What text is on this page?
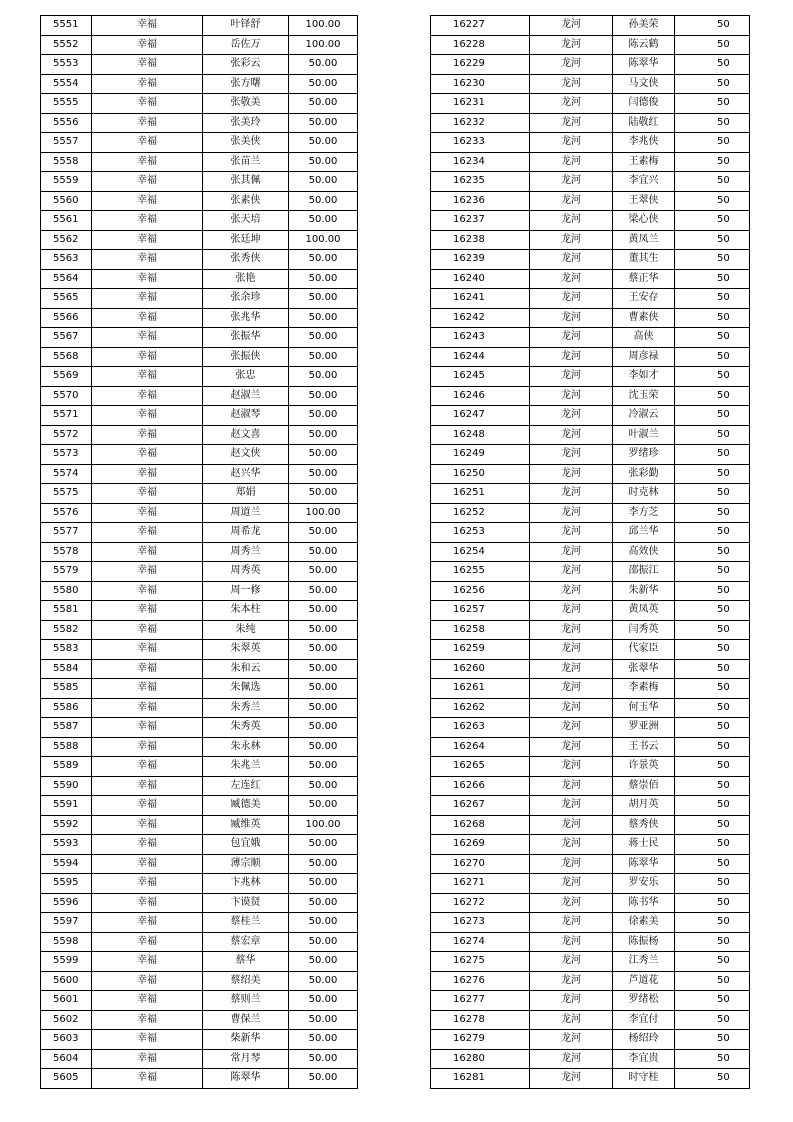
5551	幸福	叶铎舒	100.00
5552	幸福	岳佐万	100.00
5553	幸福	张彩云	50.00
5554	幸福	张方曙	50.00
5555	幸福	张敬美	50.00
5556	幸福	张美玲	50.00
5557	幸福	张美侠	50.00
5558	幸福	张苗兰	50.00
5559	幸福	张其佩	50.00
5560	幸福	张素侠	50.00
5561	幸福	张天培	50.00
5562	幸福	张廷坤	100.00
5563	幸福	张秀侠	50.00
5564	幸福	张艳	50.00
5565	幸福	张余珍	50.00
5566	幸福	张兆华	50.00
5567	幸福	张振华	50.00
5568	幸福	张振侠	50.00
5569	幸福	张忠	50.00
5570	幸福	赵淑兰	50.00
5571	幸福	赵淑琴	50.00
5572	幸福	赵文喜	50.00
5573	幸福	赵文侠	50.00
5574	幸福	赵兴华	50.00
5575	幸福	郑娟	50.00
5576	幸福	周道兰	100.00
5577	幸福	周希龙	50.00
5578	幸福	周秀兰	50.00
5579	幸福	周秀英	50.00
5580	幸福	周一修	50.00
5581	幸福	朱本柱	50.00
5582	幸福	朱纯	50.00
5583	幸福	朱翠英	50.00
5584	幸福	朱和云	50.00
5585	幸福	朱佩选	50.00
5586	幸福	朱秀兰	50.00
5587	幸福	朱秀英	50.00
5588	幸福	朱永林	50.00
5589	幸福	朱兆兰	50.00
5590	幸福	左连红	50.00
5591	幸福	臧德美	50.00
5592	幸福	臧维英	100.00
5593	幸福	包宜娥	50.00
5594	幸福	薄宗顺	50.00
5595	幸福	卞兆林	50.00
5596	幸福	卞谟贤	50.00
5597	幸福	蔡桂兰	50.00
5598	幸福	蔡宏章	50.00
5599	幸福	蔡华	50.00
5600	幸福	蔡绍美	50.00
5601	幸福	蔡则兰	50.00
5602	幸福	曹保兰	50.00
5603	幸福	柴新华	50.00
5604	幸福	常月琴	50.00
5605	幸福	陈翠华	50.00
16227	龙河	孙美荣	50
16228	龙河	陈云鹤	50
16229	龙河	陈翠华	50
16230	龙河	马文侠	50
16231	龙河	闫德俊	50
16232	龙河	陆敬红	50
16233	龙河	李兆侠	50
16234	龙河	王素梅	50
16235	龙河	李宜兴	50
16236	龙河	王翠侠	50
16237	龙河	梁心侠	50
16238	龙河	黄凤兰	50
16239	龙河	董其生	50
16240	龙河	蔡正华	50
16241	龙河	王安存	50
16242	龙河	曹素侠	50
16243	龙河	高侠	50
16244	龙河	周彦禄	50
16245	龙河	李如才	50
16246	龙河	沈玉荣	50
16247	龙河	冷淑云	50
16248	龙河	叶淑兰	50
16249	龙河	罗绪珍	50
16250	龙河	张彩勤	50
16251	龙河	时克林	50
16252	龙河	李方芝	50
16253	龙河	邱兰华	50
16254	龙河	高效侠	50
16255	龙河	邵振江	50
16256	龙河	朱新华	50
16257	龙河	黄凤英	50
16258	龙河	闫秀英	50
16259	龙河	代家臣	50
16260	龙河	张翠华	50
16261	龙河	李素梅	50
16262	龙河	何玉华	50
16263	龙河	罗亚洲	50
16264	龙河	王书云	50
16265	龙河	许景英	50
16266	龙河	蔡崇佰	50
16267	龙河	胡月英	50
16268	龙河	蔡秀侠	50
16269	龙河	蒋士民	50
16270	龙河	陈翠华	50
16271	龙河	罗安乐	50
16272	龙河	陈书华	50
16273	龙河	徐素美	50
16274	龙河	陈振杨	50
16275	龙河	江秀兰	50
16276	龙河	芦道花	50
16277	龙河	罗绪松	50
16278	龙河	李宜付	50
16279	龙河	杨绍玲	50
16280	龙河	李宜贵	50
16281	龙河	时守桂	50
